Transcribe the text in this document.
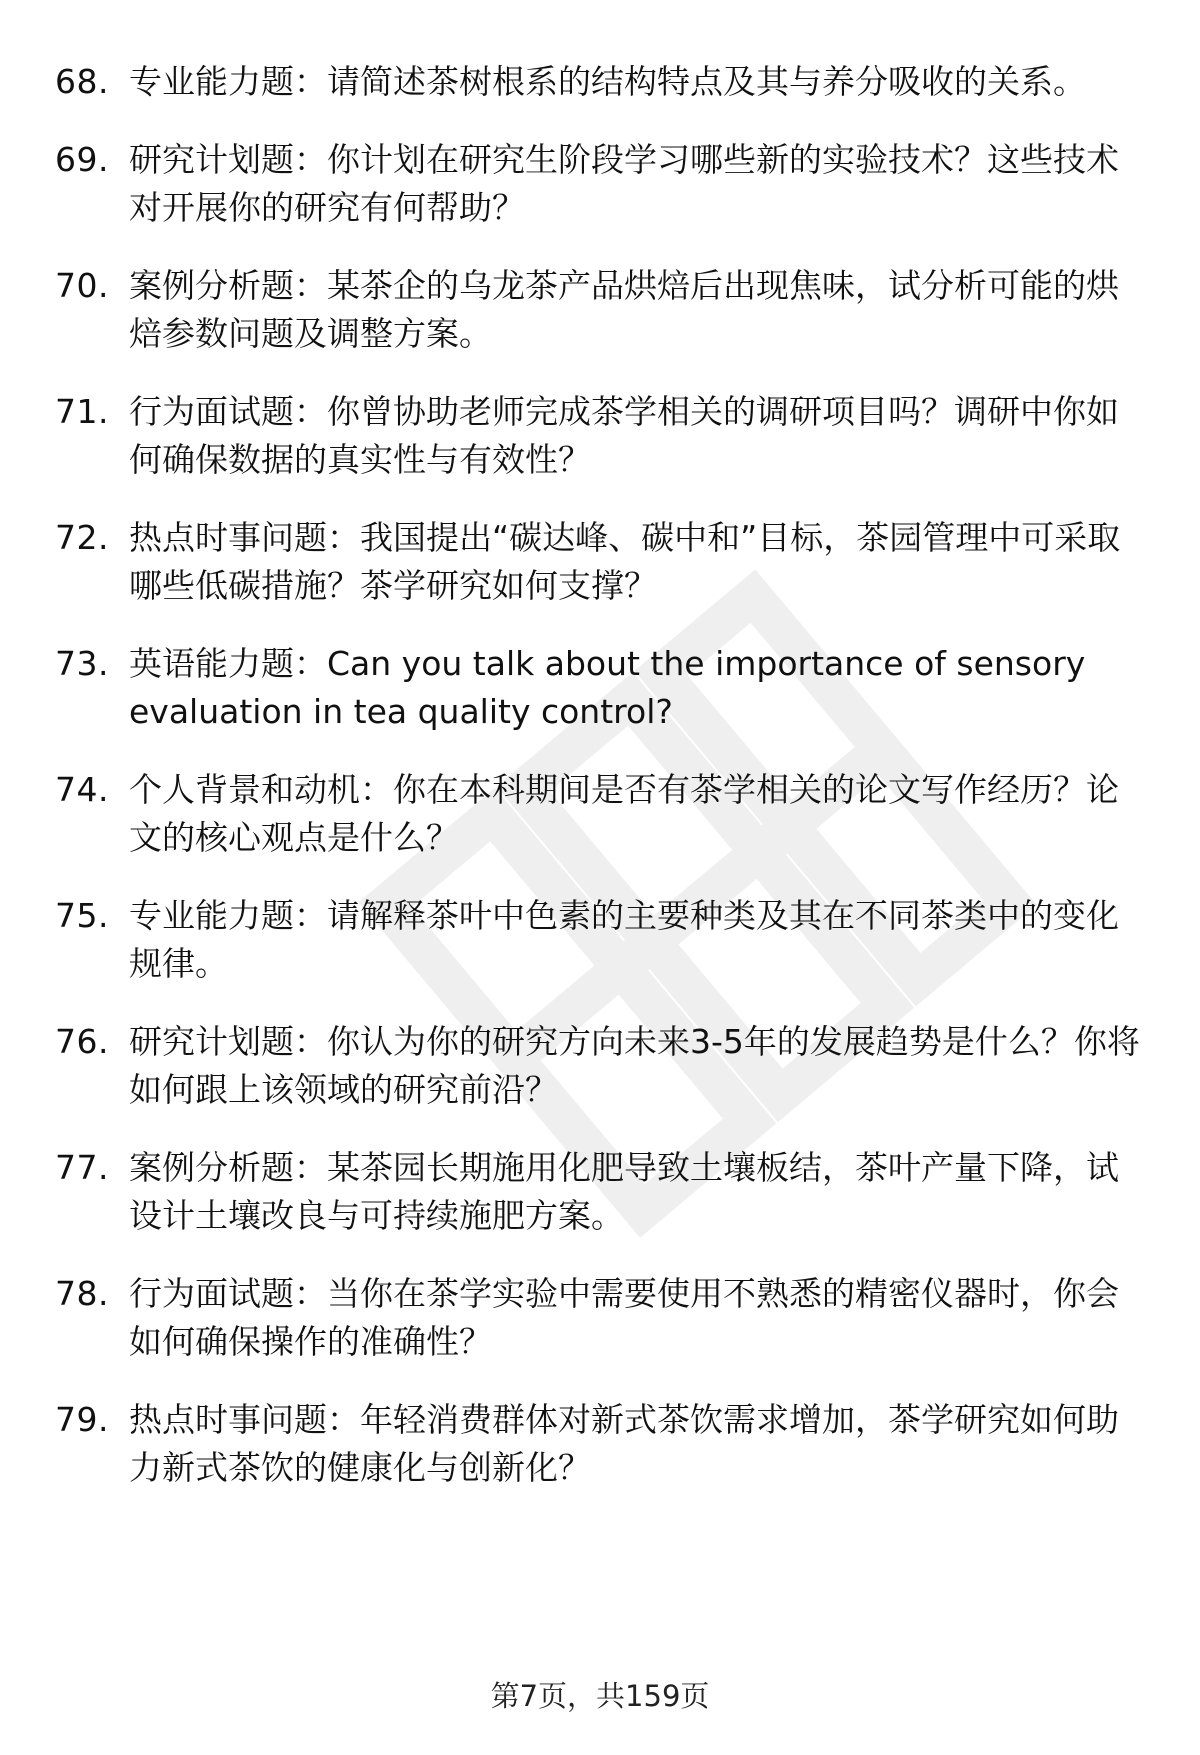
68. 专业能力题：请简述茶树根系的结构特点及其与养分吸收的关系。
69. 研究计划题：你计划在研究生阶段学习哪些新的实验技术？这些技术对开展你的研究有何帮助？
70. 案例分析题：某茶企的乌龙茶产品烘焙后出现焦味，试分析可能的烘焙参数问题及调整方案。
71. 行为面试题：你曾协助老师完成茶学相关的调研项目吗？调研中你如何确保数据的真实性与有效性？
72. 热点时事问题：我国提出“碳达峰、碳中和”目标，茶园管理中可采取哪些低碳措施？茶学研究如何支撑？
73. 英语能力题：Can you talk about the importance of sensory evaluation in tea quality control?
74. 个人背景和动机：你在本科期间是否有茶学相关的论文写作经历？论文的核心观点是什么？
75. 专业能力题：请解释茶叶中色素的主要种类及其在不同茶类中的变化规律。
76. 研究计划题：你认为你的研究方向未来3-5年的发展趋势是什么？你将如何跟上该领域的研究前沿？
77. 案例分析题：某茶园长期施用化肥导致土壤板结，茶叶产量下降，试设计土壤改良与可持续施肥方案。
78. 行为面试题：当你在茶学实验中需要使用不熟悉的精密仪器时，你会如何确保操作的准确性？
79. 热点时事问题：年轻消费群体对新式茶饮需求增加，茶学研究如何助力新式茶饮的健康化与创新化？
第7页，共159页
